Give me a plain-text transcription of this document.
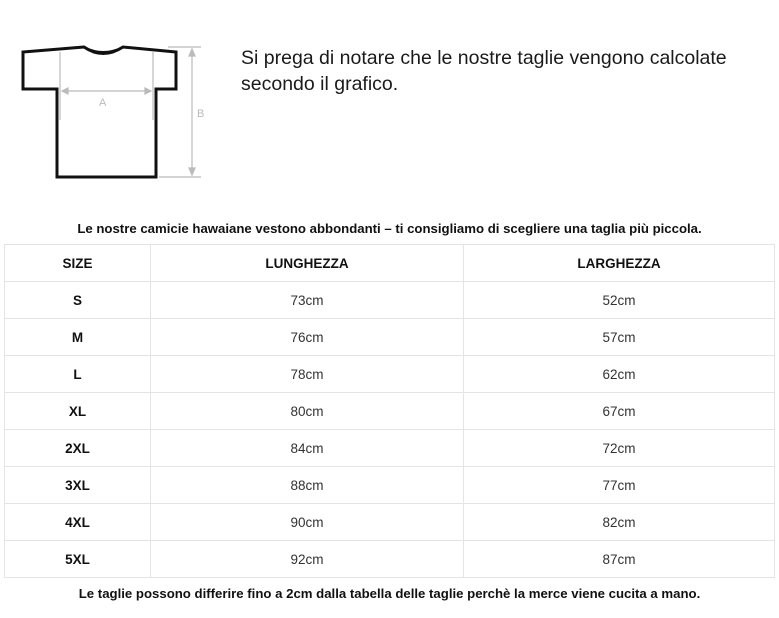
A
B
Si prega di notare che le nostre taglie vengono calcolate secondo il grafico.
Le nostre camicie hawaiane vestono abbondanti – ti consigliamo di scegliere una taglia più piccola.
SIZE	LUNGHEZZA	LARGHEZZA
S	73cm	52cm
M	76cm	57cm
L	78cm	62cm
XL	80cm	67cm
2XL	84cm	72cm
3XL	88cm	77cm
4XL	90cm	82cm
5XL	92cm	87cm
Le taglie possono differire fino a 2cm dalla tabella delle taglie perchè la merce viene cucita a mano.
